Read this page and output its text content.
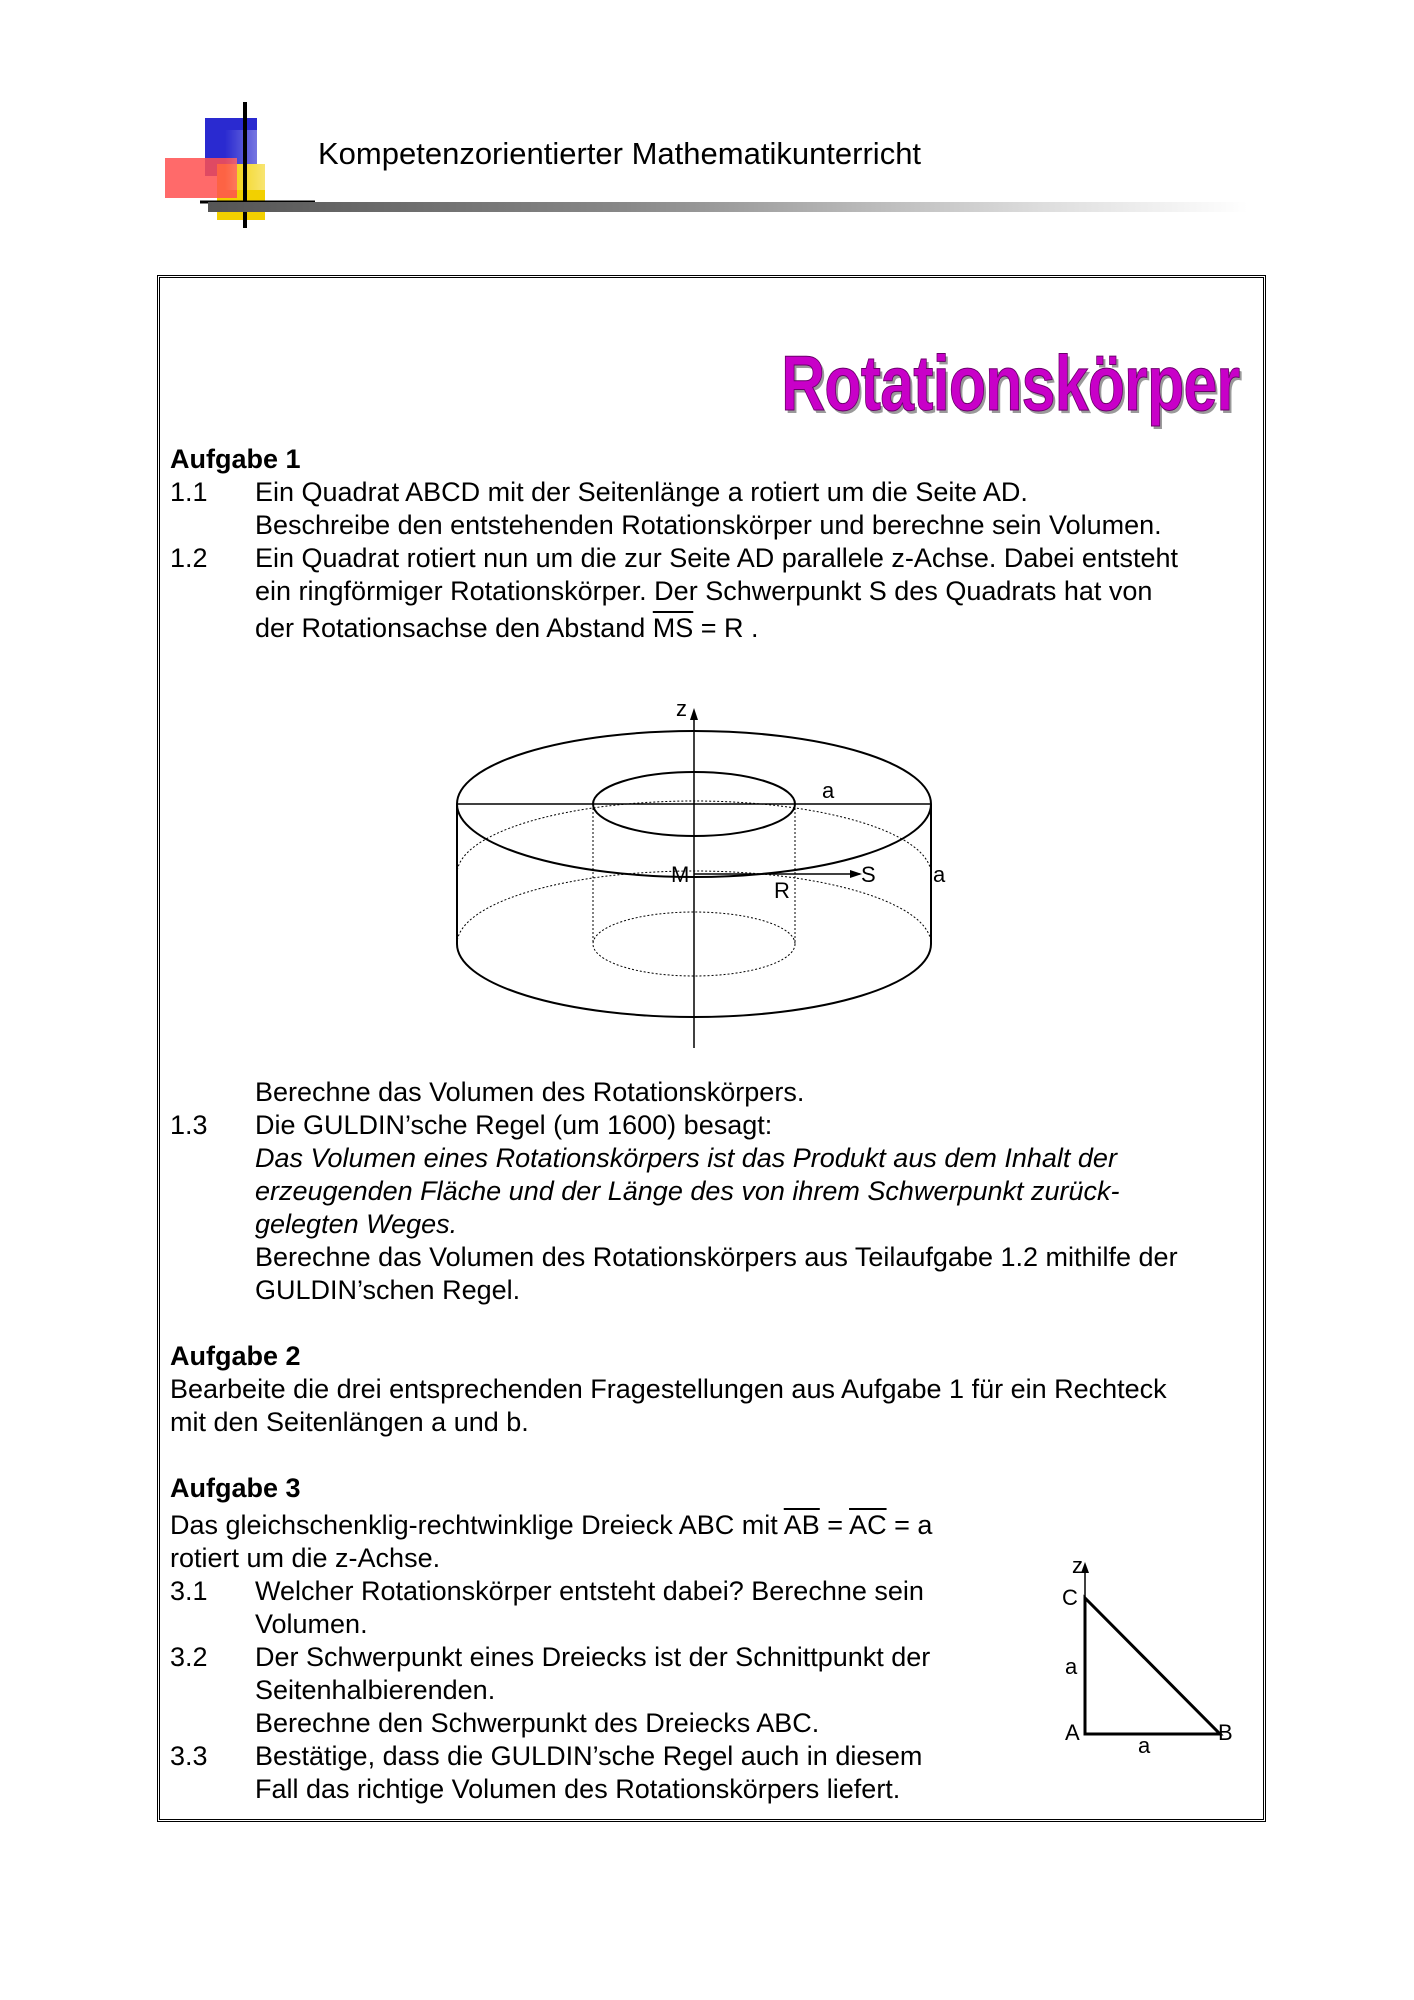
Kompetenzorientierter Mathematikunterricht
Rotationskörper
Aufgabe 1
1.1 Ein Quadrat ABCD mit der Seitenlänge a rotiert um die Seite AD.
Beschreibe den entstehenden Rotationskörper und berechne sein Volumen.
1.2 Ein Quadrat rotiert nun um die zur Seite AD parallele z-Achse. Dabei entsteht
ein ringförmiger Rotationskörper. Der Schwerpunkt S des Quadrats hat von
der Rotationsachse den Abstand $\overline{MS} = R$ .
z
a
M	S	a
R
Berechne das Volumen des Rotationskörpers.
1.3 Die GULDIN’sche Regel (um 1600) besagt:
Das Volumen eines Rotationskörpers ist das Produkt aus dem Inhalt der
erzeugenden Fläche und der Länge des von ihrem Schwerpunkt zurück-
gelegten Weges.
Berechne das Volumen des Rotationskörpers aus Teilaufgabe 1.2 mithilfe der
GULDIN’schen Regel.
Aufgabe 2
Bearbeite die drei entsprechenden Fragestellungen aus Aufgabe 1 für ein Rechteck
mit den Seitenlängen a und b.
Aufgabe 3
Das gleichschenklig-rechtwinklige Dreieck ABC mit $\overline{AB} = \overline{AC} = a$
rotiert um die z-Achse.
3.1 Welcher Rotationskörper entsteht dabei? Berechne sein
Volumen.
3.2 Der Schwerpunkt eines Dreiecks ist der Schnittpunkt der
Seitenhalbierenden.
Berechne den Schwerpunkt des Dreiecks ABC.
3.3 Bestätige, dass die GULDIN’sche Regel auch in diesem
Fall das richtige Volumen des Rotationskörpers liefert.
z
C
a
A
a
B
